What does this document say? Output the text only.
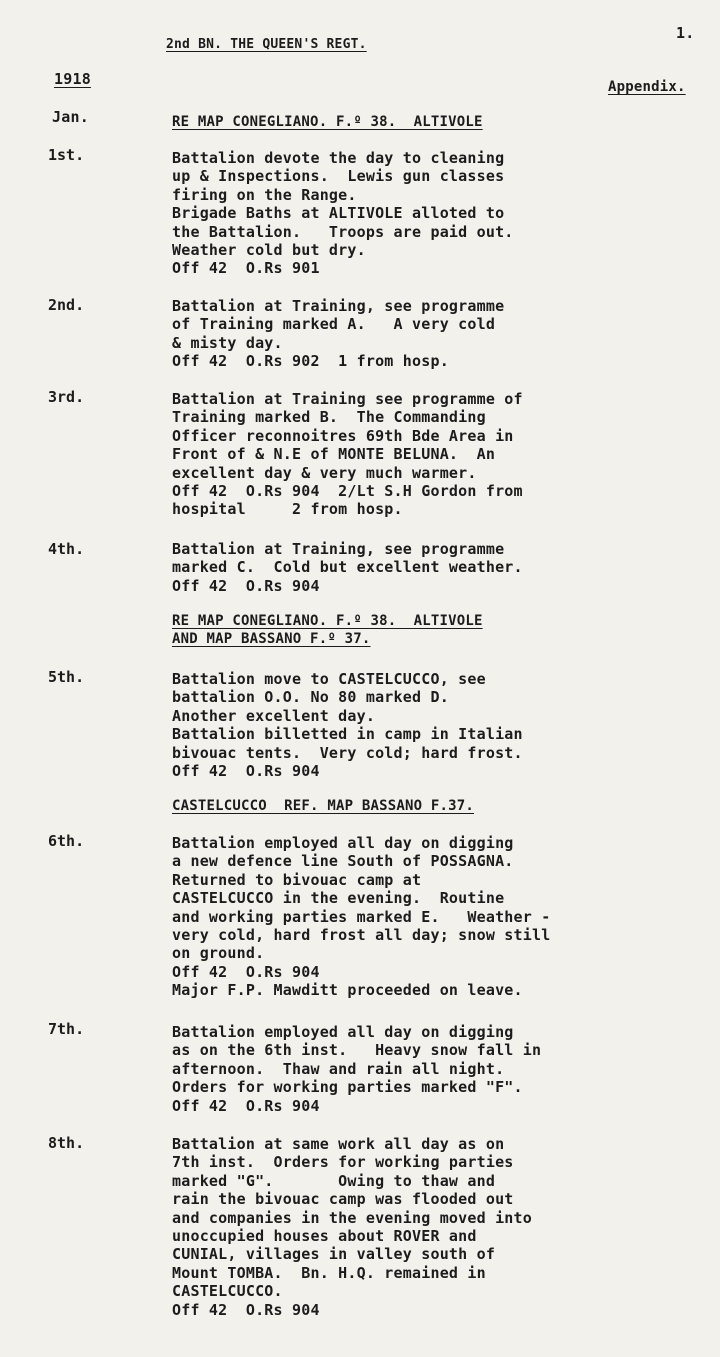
2nd BN. THE QUEEN'S REGT.
1.
1918	Appendix.
Jan.	RE MAP CONEGLIANO. F.º 38.  ALTIVOLE
1st.	Battalion devote the day to cleaning
up & Inspections.  Lewis gun classes
firing on the Range.
Brigade Baths at ALTIVOLE alloted to
the Battalion.   Troops are paid out.
Weather cold but dry.
Off 42  O.Rs 901
2nd.	Battalion at Training, see programme
of Training marked A.   A very cold
& misty day.
Off 42  O.Rs 902  1 from hosp.
3rd.	Battalion at Training see programme of
Training marked B.  The Commanding
Officer reconnoitres 69th Bde Area in
Front of & N.E of MONTE BELUNA.  An
excellent day & very much warmer.
Off 42  O.Rs 904  2/Lt S.H Gordon from
hospital     2 from hosp.
4th.	Battalion at Training, see programme
marked C.  Cold but excellent weather.
Off 42  O.Rs 904
RE MAP CONEGLIANO. F.º 38.  ALTIVOLE
AND MAP BASSANO F.º 37.
5th.	Battalion move to CASTELCUCCO, see
battalion O.O. No 80 marked D.
Another excellent day.
Battalion billetted in camp in Italian
bivouac tents.  Very cold; hard frost.
Off 42  O.Rs 904
CASTELCUCCO  REF. MAP BASSANO F.37.
6th.	Battalion employed all day on digging
a new defence line South of POSSAGNA.
Returned to bivouac camp at
CASTELCUCCO in the evening.  Routine
and working parties marked E.   Weather -
very cold, hard frost all day; snow still
on ground.
Off 42  O.Rs 904
Major F.P. Mawditt proceeded on leave.
7th.	Battalion employed all day on digging
as on the 6th inst.   Heavy snow fall in
afternoon.  Thaw and rain all night.
Orders for working parties marked "F".
Off 42  O.Rs 904
8th.	Battalion at same work all day as on
7th inst.  Orders for working parties
marked "G".       Owing to thaw and
rain the bivouac camp was flooded out
and companies in the evening moved into
unoccupied houses about ROVER and
CUNIAL, villages in valley south of
Mount TOMBA.  Bn. H.Q. remained in
CASTELCUCCO.
Off 42  O.Rs 904
